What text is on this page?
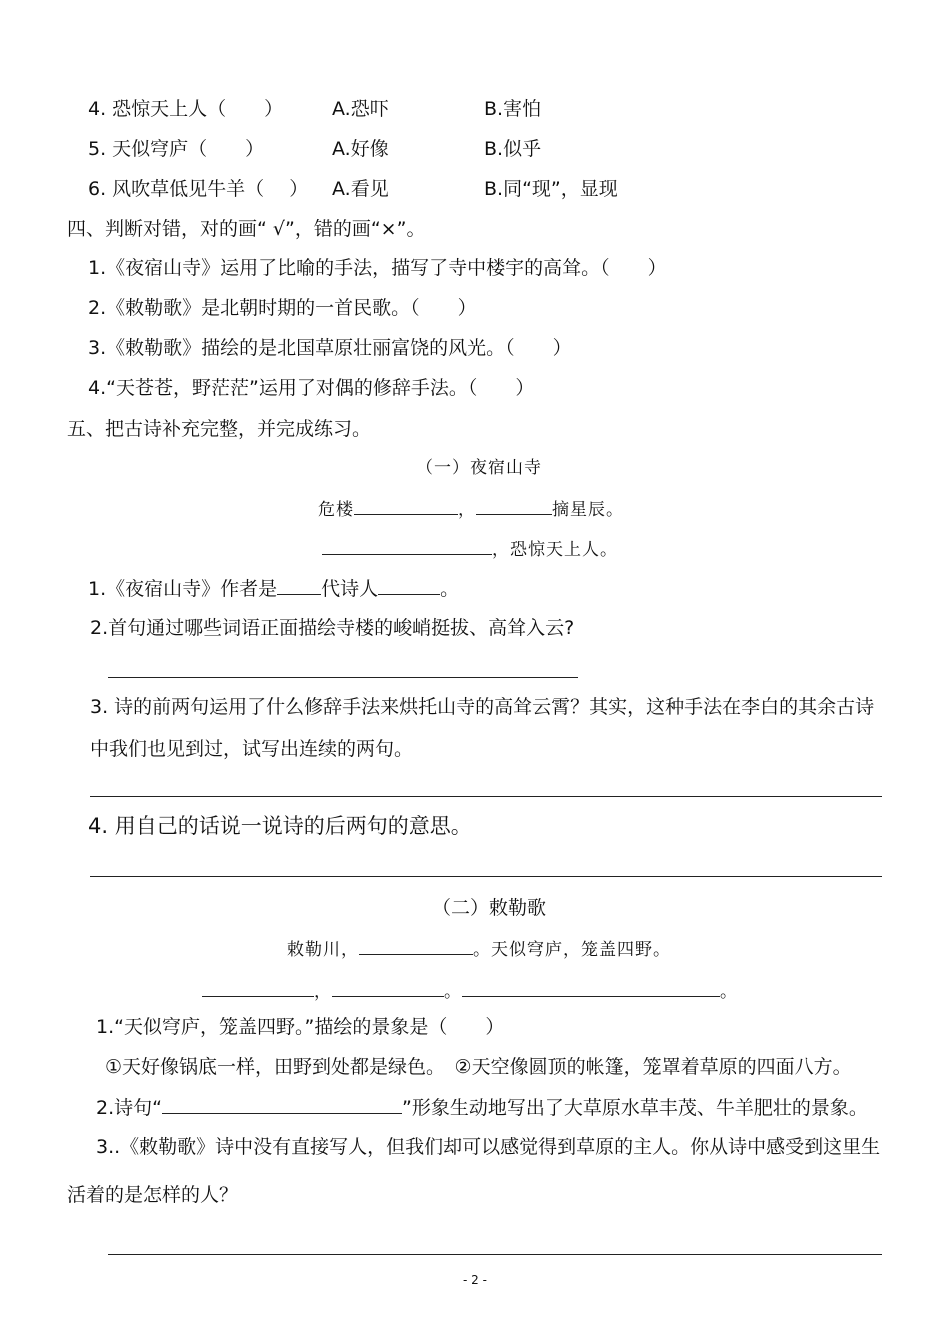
4. 恐惊天上人（　　）	A.恐吓	B.害怕
5. 天似穹庐（　　）	A.好像	B.似乎
6. 风吹草低见牛羊（　 ） A.看见	B.同“现”，显现
四、判断对错，对的画“ √”，错的画“×”。
1.《夜宿山寺》运用了比喻的手法，描写了寺中楼宇的高耸。（　　）
2.《敕勒歌》是北朝时期的一首民歌。（　　）
3.《敕勒歌》描绘的是北国草原壮丽富饶的风光。（　　）
4.“天苍苍，野茫茫”运用了对偶的修辞手法。（　　）
五、把古诗补充完整，并完成练习。
（一）夜宿山寺
危楼	，	摘星辰。
，恐惊天上人。
1.《夜宿山寺》作者是 代诗人	。
2.首句通过哪些词语正面描绘寺楼的峻峭挺拔、高耸入云?
3. 诗的前两句运用了什么修辞手法来烘托山寺的高耸云霄？其实，这种手法在李白的其余古诗
中我们也见到过，试写出连续的两句。
4. 用自己的话说一说诗的后两句的意思。
（二）敕勒歌
敕勒川，	。天似穹庐，笼盖四野。
，	。	。
1.“天似穹庐，笼盖四野。”描绘的景象是（　　）
①天好像锅底一样，田野到处都是绿色。　②天空像圆顶的帐篷，笼罩着草原的四面八方。
2.诗句“	”形象生动地写出了大草原水草丰茂、牛羊肥壮的景象。
3..《敕勒歌》诗中没有直接写人，但我们却可以感觉得到草原的主人。你从诗中感受到这里生
活着的是怎样的人？
- 2 -
